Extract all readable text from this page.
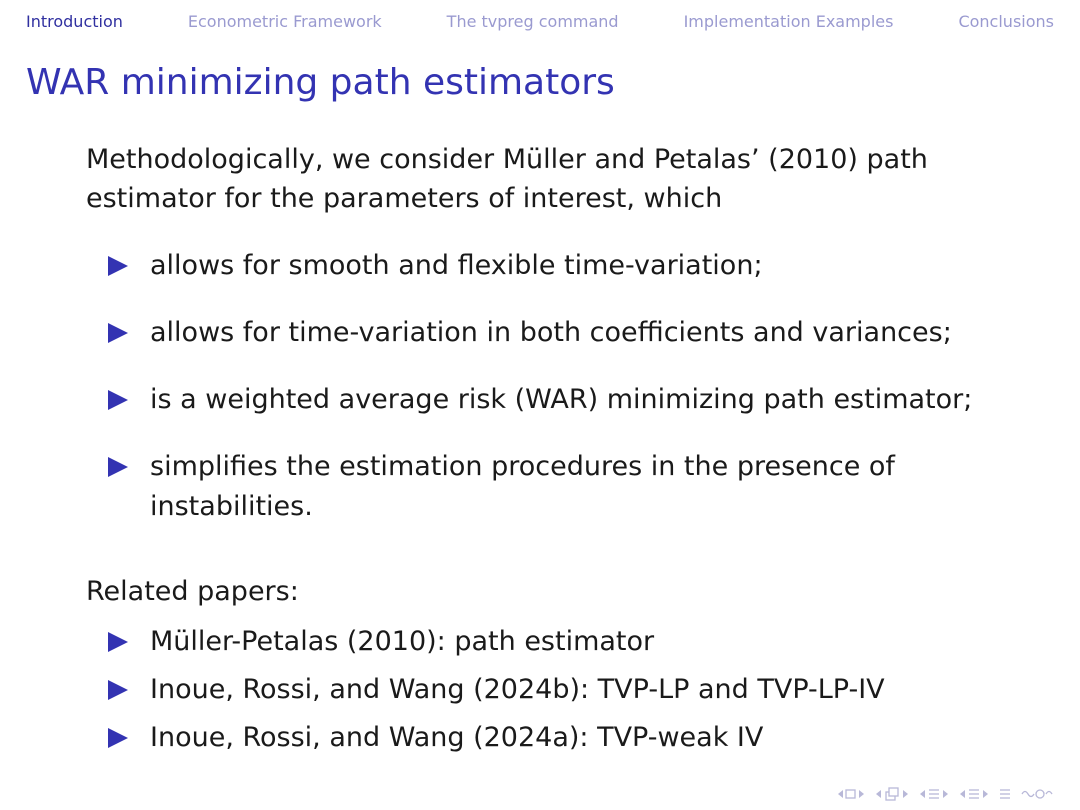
Introduction	Econometric Framework	The tvpreg command	Implementation Examples	Conclusions
WAR minimizing path estimators

Methodologically, we consider Müller and Petalas’ (2010) path estimator for the parameters of interest, which

allows for smooth and flexible time-variation;
allows for time-variation in both coefficients and variances;
is a weighted average risk (WAR) minimizing path estimator;
simplifies the estimation procedures in the presence of instabilities.

Related papers:

Müller-Petalas (2010): path estimator
Inoue, Rossi, and Wang (2024b): TVP-LP and TVP-LP-IV
Inoue, Rossi, and Wang (2024a): TVP-weak IV
